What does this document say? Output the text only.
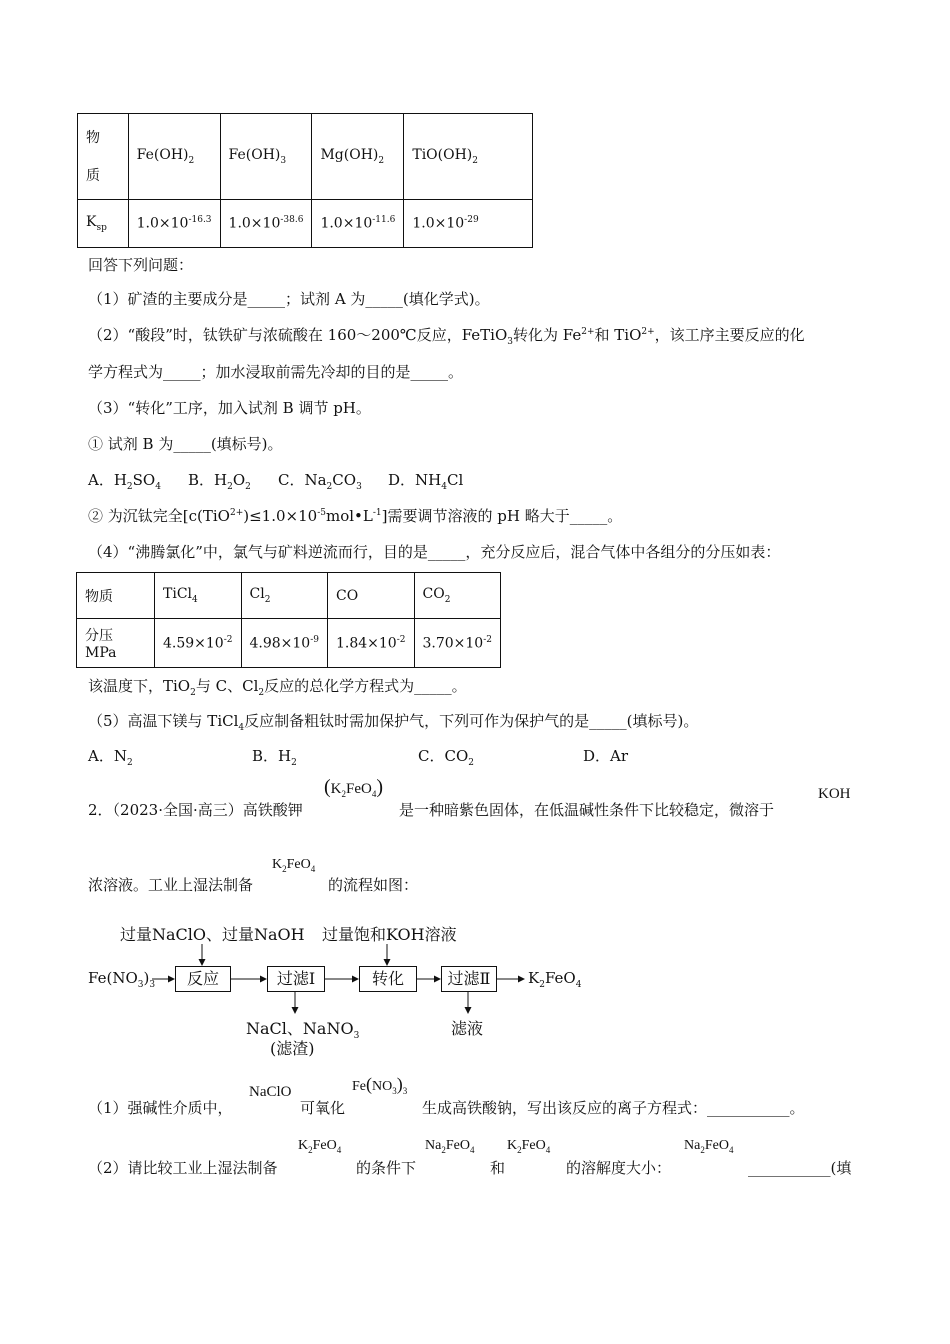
物
质	$Fe(OH)_2$	$Fe(OH)_3$	$Mg(OH)_2$	$TiO(OH)_2$
$K_{sp}$	$1.0\times 10^{-16.3}$	$1.0\times 10^{-38.6}$	$1.0\times 10^{-11.6}$	$1.0\times 10^{-29}$
回答下列问题：
（1）矿渣的主要成分是_____；试剂 A 为_____(填化学式)。
（2）“酸段”时，钛铁矿与浓硫酸在 160～200℃反应，FeTiO$_3$转化为 $Fe^{2+}$和 TiO$^{2+}$，该工序主要反应的化
学方程式为_____；加水浸取前需先冷却的目的是_____。
（3）“转化”工序，加入试剂 B 调节 pH。
① 试剂 B 为_____(填标号)。
A．$H_2SO_4$ B．$H_2O_2$ C．$Na_2CO_3$ D．$NH_4Cl$
② 为沉钛完全$[c(TiO^{2+})\le 1.0\times 10^{-5}mol•L^{-1}]$需要调节溶液的 pH 略大于_____。
（4）“沸腾氯化”中，氯气与矿料逆流而行，目的是_____，充分反应后，混合气体中各组分的分压如表：
物质	TiCl$_4$	$Cl_2$	CO	$CO_2$
分压 MPa	$4.59\times 10^{-2}$	$4.98\times 10^{-9}$	$1.84\times 10^{-2}$	$3.70\times 10^{-2}$
该温度下，TiO$_2$与 C、$Cl_2$反应的总化学方程式为_____。
（5）高温下镁与 TiCl$_4$反应制备粗钛时需加保护气，下列可作为保护气的是_____(填标号)。
A．$N_2$	B．$H_2$	C．$CO_2$	D．Ar
2．（2023·全国·高三）高铁酸钾
$(K_2FeO_4)$
是一种暗紫色固体，在低温碱性条件下比较稳定，微溶于
KOH
$K_2FeO_4$
浓溶液。工业上湿法制备	的流程如图：
过量NaClO、过量NaOH 过量饱和KOH溶液
$Fe(NO_3)_3$	反应	过滤Ⅰ	转化	过滤Ⅱ	$K_2FeO_4$
NaCl、NaNO$_3$
(滤渣)
滤液
（1）强碱性介质中，
NaClO
可氧化
$Fe(NO_3)_3$
生成高铁酸钠，写出该反应的离子方程式：___________。
$K_2FeO_4$	$Na_2FeO_4$ $K_2FeO_4$	$Na_2FeO_4$
（2）请比较工业上湿法制备	的条件下	和	的溶解度大小：	___________(填
